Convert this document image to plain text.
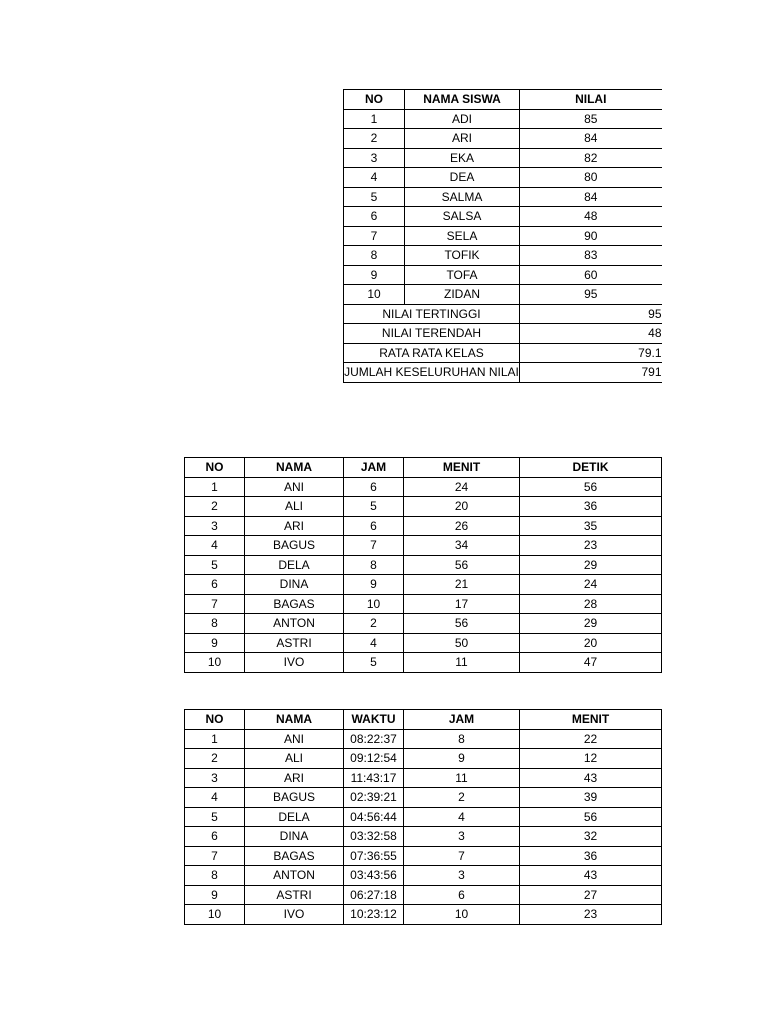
NO	NAMA SISWA	NILAI
1	ADI	85
2	ARI	84
3	EKA	82
4	DEA	80
5	SALMA	84
6	SALSA	48
7	SELA	90
8	TOFIK	83
9	TOFA	60
10	ZIDAN	95
NILAI TERTINGGI		95
NILAI TERENDAH		48
RATA RATA KELAS		79.1
JUMLAH KESELURUHAN NILAI		791
NO	NAMA	JAM	MENIT	DETIK
1	ANI	6	24	56
2	ALI	5	20	36
3	ARI	6	26	35
4	BAGUS	7	34	23
5	DELA	8	56	29
6	DINA	9	21	24
7	BAGAS	10	17	28
8	ANTON	2	56	29
9	ASTRI	4	50	20
10	IVO	5	11	47
NO	NAMA	WAKTU	JAM	MENIT
1	ANI	08:22:37	8	22
2	ALI	09:12:54	9	12
3	ARI	11:43:17	11	43
4	BAGUS	02:39:21	2	39
5	DELA	04:56:44	4	56
6	DINA	03:32:58	3	32
7	BAGAS	07:36:55	7	36
8	ANTON	03:43:56	3	43
9	ASTRI	06:27:18	6	27
10	IVO	10:23:12	10	23
